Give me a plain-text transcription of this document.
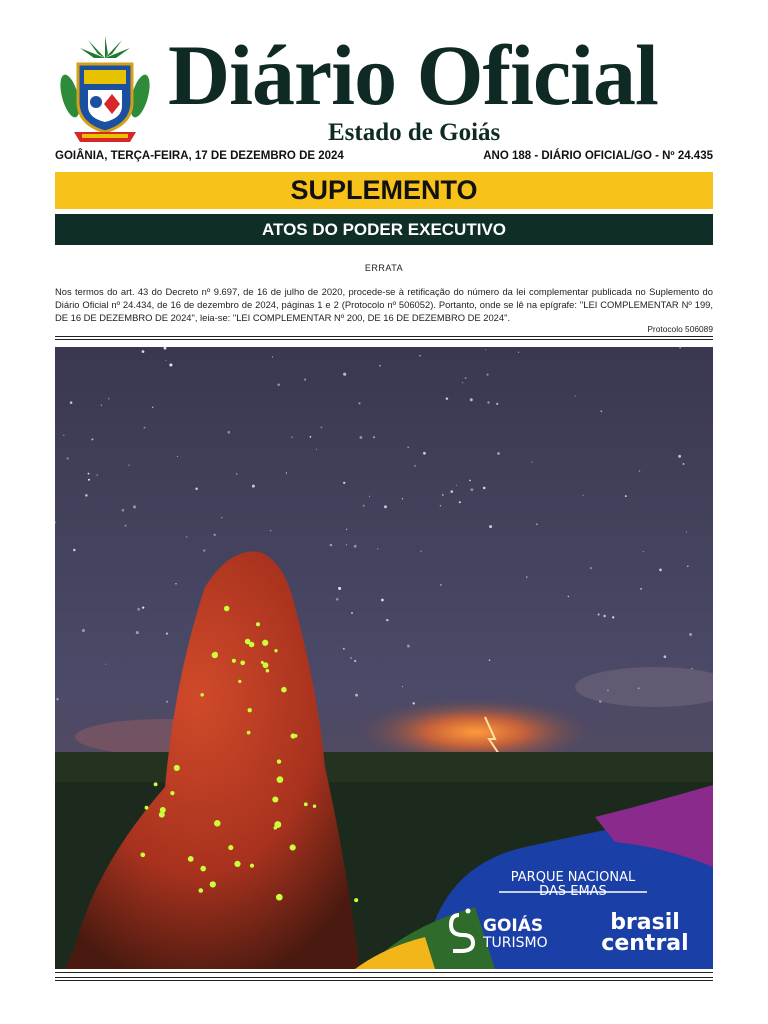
Diário Oficial
Estado de Goiás
GOIÂNIA, TERÇA-FEIRA, 17 DE DEZEMBRO DE 2024	ANO 188 - DIÁRIO OFICIAL/GO - Nº 24.435
SUPLEMENTO
ATOS DO PODER EXECUTIVO
ERRATA
Nos termos do art. 43 do Decreto nº 9.697, de 16 de julho de 2020, procede-se à retificação do número da lei complementar publicada no Suplemento do Diário Oficial nº 24.434, de 16 de dezembro de 2024, páginas 1 e 2 (Protocolo nº 506052). Portanto, onde se lê na epígrafe: "LEI COMPLEMENTAR Nº 199, DE 16 DE DEZEMBRO DE 2024", leia-se: "LEI COMPLEMENTAR Nº 200, DE 16 DE DEZEMBRO DE 2024".
Protocolo 506089
PARQUE NACIONAL
DAS EMAS
GOIÁS
TURISMO
brasil
central
